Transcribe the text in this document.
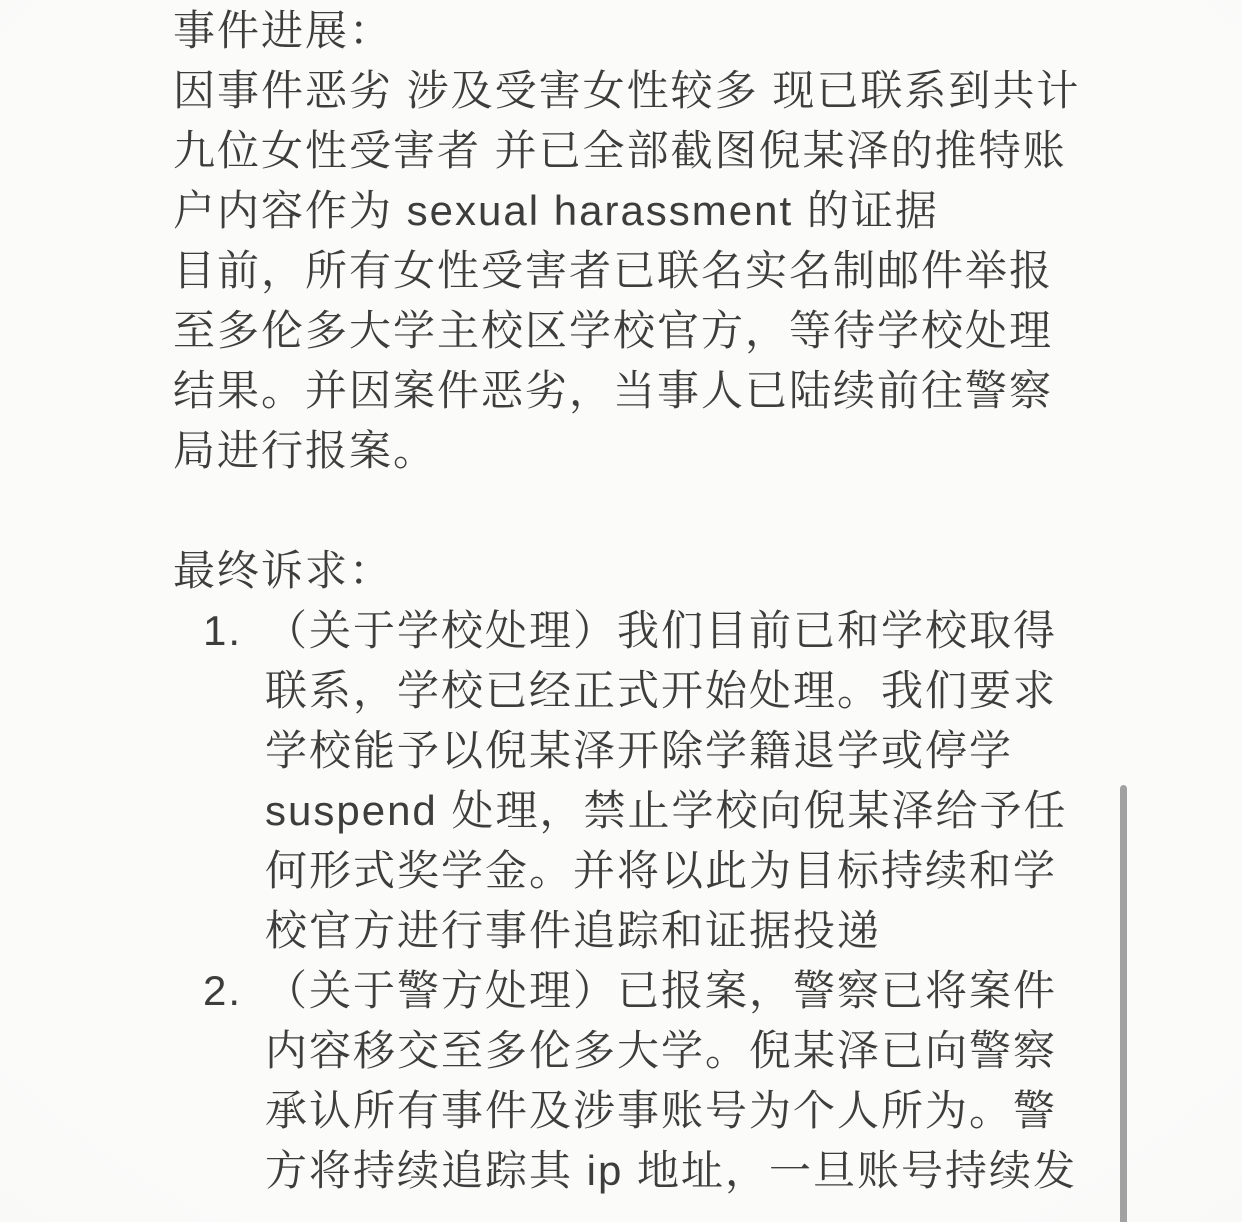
事件进展：
因事件恶劣 涉及受害女性较多 现已联系到共计
九位女性受害者 并已全部截图倪某泽的推特账
户内容作为 sexual harassment 的证据
目前，所有女性受害者已联名实名制邮件举报
至多伦多大学主校区学校官方，等待学校处理
结果。并因案件恶劣，当事人已陆续前往警察
局进行报案。
最终诉求：
1. （关于学校处理）我们目前已和学校取得
联系，学校已经正式开始处理。我们要求
学校能予以倪某泽开除学籍退学或停学
suspend 处理，禁止学校向倪某泽给予任
何形式奖学金。并将以此为目标持续和学
校官方进行事件追踪和证据投递
2. （关于警方处理）已报案，警察已将案件
内容移交至多伦多大学。倪某泽已向警察
承认所有事件及涉事账号为个人所为。警
方将持续追踪其 ip 地址，一旦账号持续发
